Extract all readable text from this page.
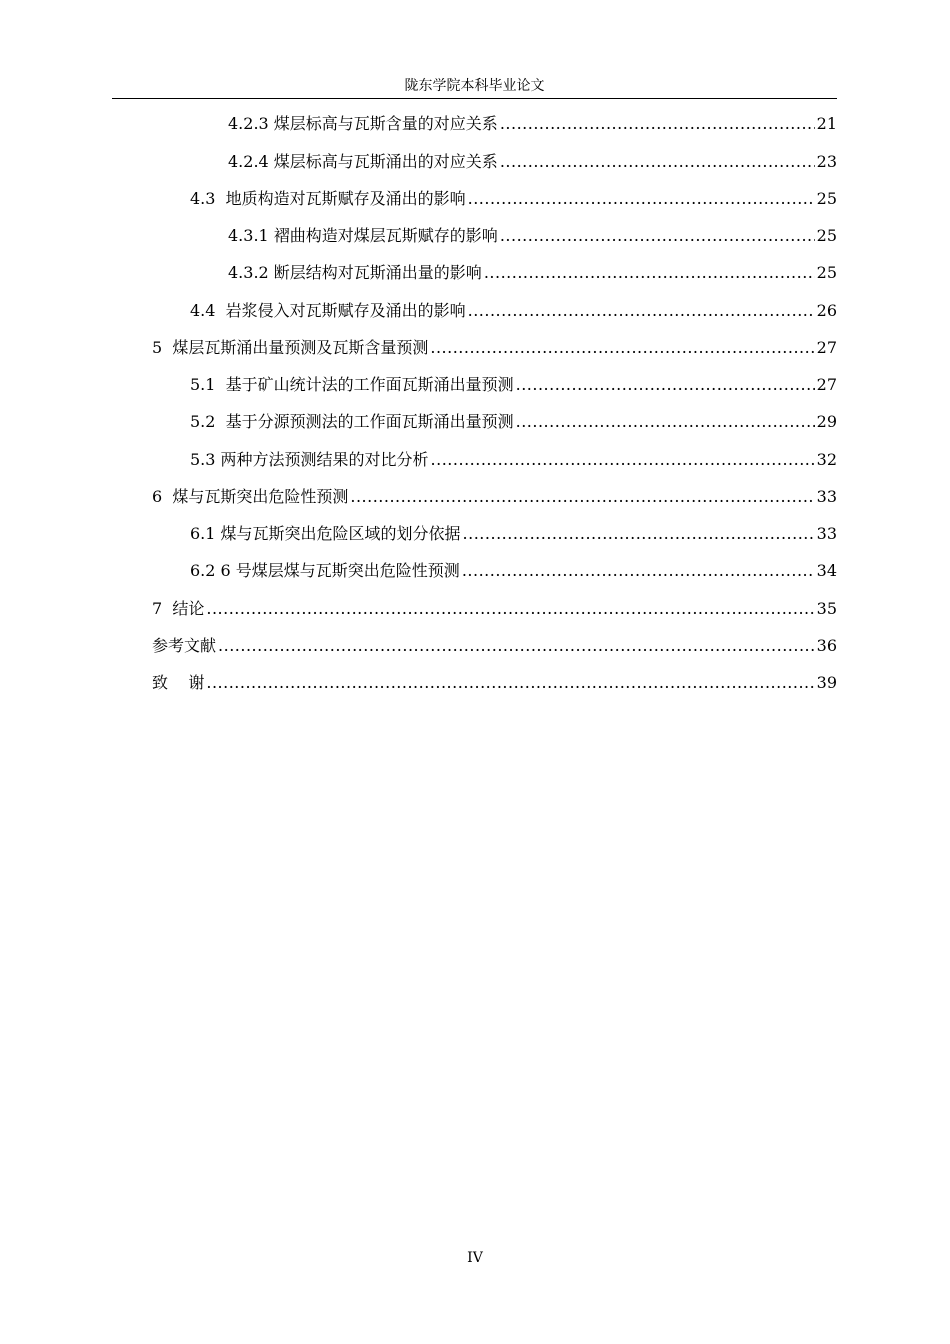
陇东学院本科毕业论文
4.2.3 煤层标高与瓦斯含量的对应关系 .....	21
4.2.4 煤层标高与瓦斯涌出的对应关系 .....	23
4.3  地质构造对瓦斯赋存及涌出的影响 .....	25
4.3.1 褶曲构造对煤层瓦斯赋存的影响 .....	25
4.3.2 断层结构对瓦斯涌出量的影响 .....	25
4.4  岩浆侵入对瓦斯赋存及涌出的影响 .....	26
5  煤层瓦斯涌出量预测及瓦斯含量预测 .....	27
5.1  基于矿山统计法的工作面瓦斯涌出量预测 .....	27
5.2  基于分源预测法的工作面瓦斯涌出量预测 .....	29
5.3 两种方法预测结果的对比分析 .....	32
6  煤与瓦斯突出危险性预测 .....	33
6.1 煤与瓦斯突出危险区域的划分依据 .....	33
6.2 6 号煤层煤与瓦斯突出危险性预测 .....	34
7  结论 .....	35
参考文献 .....	36
致    谢 .....	39
IV
